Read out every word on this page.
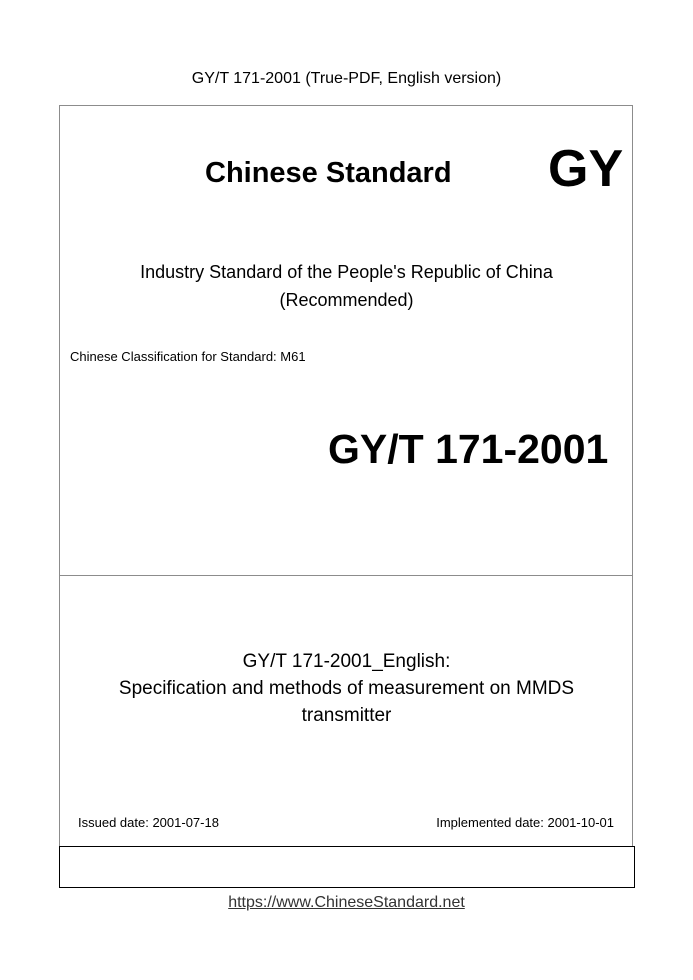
GY/T 171-2001 (True-PDF, English version)
Chinese Standard GY
Industry Standard of the People's Republic of China
(Recommended)
Chinese Classification for Standard: M61
GY/T 171-2001
GY/T 171-2001_English:
Specification and methods of measurement on MMDS
transmitter
Issued date: 2001-07-18	Implemented date: 2001-10-01
https://www.ChineseStandard.net
